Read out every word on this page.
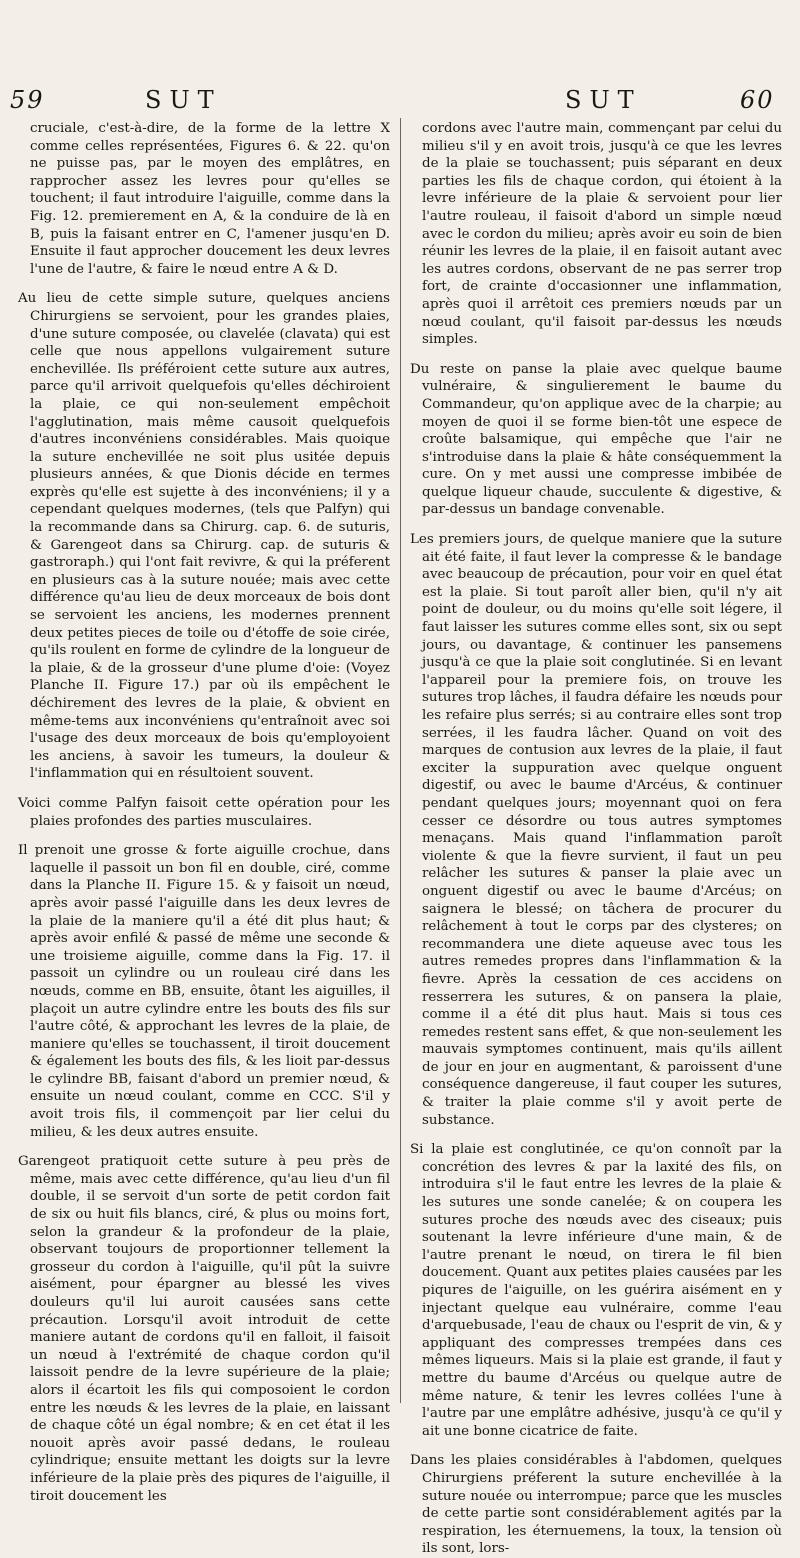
59	SUT	SUT	60

cruciale, c'est-à-dire, de la forme de la lettre X comme celles représentées, Figures 6. & 22. qu'on ne puisse pas, par le moyen des emplâtres, en rapprocher assez les levres pour qu'elles se touchent; il faut introduire l'aiguille, comme dans la Fig. 12. premierement en A, & la conduire de là en B, puis la faisant entrer en C, l'amener jusqu'en D. Ensuite il faut approcher doucement les deux levres l'une de l'autre, & faire le nœud entre A & D.

Au lieu de cette simple suture, quelques anciens Chirurgiens se servoient, pour les grandes plaies, d'une suture composée, ou clavelée (clavata) qui est celle que nous appellons vulgairement suture enchevillée. Ils préféroient cette suture aux autres, parce qu'il arrivoit quelquefois qu'elles déchiroient la plaie, ce qui non-seulement empêchoit l'agglutination, mais même causoit quelquefois d'autres inconvéniens considérables. Mais quoique la suture enchevillée ne soit plus usitée depuis plusieurs années, & que Dionis décide en termes exprès qu'elle est sujette à des inconvéniens; il y a cependant quelques modernes, (tels que Palfyn) qui la recommande dans sa Chirurg. cap. 6. de suturis, & Garengeot dans sa Chirurg. cap. de suturis & gastroraph.) qui l'ont fait revivre, & qui la préferent en plusieurs cas à la suture nouée; mais avec cette différence qu'au lieu de deux morceaux de bois dont se servoient les anciens, les modernes prennent deux petites pieces de toile ou d'étoffe de soie cirée, qu'ils roulent en forme de cylindre de la longueur de la plaie, & de la grosseur d'une plume d'oie: (Voyez Planche II. Figure 17.) par où ils empêchent le déchirement des levres de la plaie, & obvient en même-tems aux inconvéniens qu'entraînoit avec soi l'usage des deux morceaux de bois qu'employoient les anciens, à savoir les tumeurs, la douleur & l'inflammation qui en résultoient souvent.

Voici comme Palfyn faisoit cette opération pour les plaies profondes des parties musculaires.

Il prenoit une grosse & forte aiguille crochue, dans laquelle il passoit un bon fil en double, ciré, comme dans la Planche II. Figure 15. & y faisoit un nœud, après avoir passé l'aiguille dans les deux levres de la plaie de la maniere qu'il a été dit plus haut; & après avoir enfilé & passé de même une seconde & une troisieme aiguille, comme dans la Fig. 17. il passoit un cylindre ou un rouleau ciré dans les nœuds, comme en BB, ensuite, ôtant les aiguilles, il plaçoit un autre cylindre entre les bouts des fils sur l'autre côté, & approchant les levres de la plaie, de maniere qu'elles se touchassent, il tiroit doucement & également les bouts des fils, & les lioit par-dessus le cylindre BB, faisant d'abord un premier nœud, & ensuite un nœud coulant, comme en CCC. S'il y avoit trois fils, il commençoit par lier celui du milieu, & les deux autres ensuite.

Garengeot pratiquoit cette suture à peu près de même, mais avec cette différence, qu'au lieu d'un fil double, il se servoit d'un sorte de petit cordon fait de six ou huit fils blancs, ciré, & plus ou moins fort, selon la grandeur & la profondeur de la plaie, observant toujours de proportionner tellement la grosseur du cordon à l'aiguille, qu'il pût la suivre aisément, pour épargner au blessé les vives douleurs qu'il lui auroit causées sans cette précaution. Lorsqu'il avoit introduit de cette maniere autant de cordons qu'il en falloit, il faisoit un nœud à l'extrémité de chaque cordon qu'il laissoit pendre de la levre supérieure de la plaie; alors il écartoit les fils qui composoient le cordon entre les nœuds & les levres de la plaie, en laissant de chaque côté un égal nombre; & en cet état il les nouoit après avoir passé dedans, le rouleau cylindrique; ensuite mettant les doigts sur la levre inférieure de la plaie près des piqures de l'aiguille, il tiroit doucement les

cordons avec l'autre main, commençant par celui du milieu s'il y en avoit trois, jusqu'à ce que les levres de la plaie se touchassent; puis séparant en deux parties les fils de chaque cordon, qui étoient à la levre inférieure de la plaie & servoient pour lier l'autre rouleau, il faisoit d'abord un simple nœud avec le cordon du milieu; après avoir eu soin de bien réunir les levres de la plaie, il en faisoit autant avec les autres cordons, observant de ne pas serrer trop fort, de crainte d'occasionner une inflammation, après quoi il arrêtoit ces premiers nœuds par un nœud coulant, qu'il faisoit par-dessus les nœuds simples.

Du reste on panse la plaie avec quelque baume vulnéraire, & singulierement le baume du Commandeur, qu'on applique avec de la charpie; au moyen de quoi il se forme bien-tôt une espece de croûte balsamique, qui empêche que l'air ne s'introduise dans la plaie & hâte conséquemment la cure. On y met aussi une compresse imbibée de quelque liqueur chaude, succulente & digestive, & par-dessus un bandage convenable.

Les premiers jours, de quelque maniere que la suture ait été faite, il faut lever la compresse & le bandage avec beaucoup de précaution, pour voir en quel état est la plaie. Si tout paroît aller bien, qu'il n'y ait point de douleur, ou du moins qu'elle soit légere, il faut laisser les sutures comme elles sont, six ou sept jours, ou davantage, & continuer les pansemens jusqu'à ce que la plaie soit conglutinée. Si en levant l'appareil pour la premiere fois, on trouve les sutures trop lâches, il faudra défaire les nœuds pour les refaire plus serrés; si au contraire elles sont trop serrées, il les faudra lâcher. Quand on voit des marques de contusion aux levres de la plaie, il faut exciter la suppuration avec quelque onguent digestif, ou avec le baume d'Arcéus, & continuer pendant quelques jours; moyennant quoi on fera cesser ce désordre ou tous autres symptomes menaçans. Mais quand l'inflammation paroît violente & que la fievre survient, il faut un peu relâcher les sutures & panser la plaie avec un onguent digestif ou avec le baume d'Arcéus; on saignera le blessé; on tâchera de procurer du relâchement à tout le corps par des clysteres; on recommandera une diete aqueuse avec tous les autres remedes propres dans l'inflammation & la fievre. Après la cessation de ces accidens on resserrera les sutures, & on pansera la plaie, comme il a été dit plus haut. Mais si tous ces remedes restent sans effet, & que non-seulement les mauvais symptomes continuent, mais qu'ils aillent de jour en jour en augmentant, & paroissent d'une conséquence dangereuse, il faut couper les sutures, & traiter la plaie comme s'il y avoit perte de substance.

Si la plaie est conglutinée, ce qu'on connoît par la concrétion des levres & par la laxité des fils, on introduira s'il le faut entre les levres de la plaie & les sutures une sonde canelée; & on coupera les sutures proche des nœuds avec des ciseaux; puis soutenant la levre inférieure d'une main, & de l'autre prenant le nœud, on tirera le fil bien doucement. Quant aux petites plaies causées par les piqures de l'aiguille, on les guérira aisément en y injectant quelque eau vulnéraire, comme l'eau d'arquebusade, l'eau de chaux ou l'esprit de vin, & y appliquant des compresses trempées dans ces mêmes liqueurs. Mais si la plaie est grande, il faut y mettre du baume d'Arcéus ou quelque autre de même nature, & tenir les levres collées l'une à l'autre par une emplâtre adhésive, jusqu'à ce qu'il y ait une bonne cicatrice de faite.

Dans les plaies considérables à l'abdomen, quelques Chirurgiens préferent la suture enchevillée à la suture nouée ou interrompue; parce que les muscles de cette partie sont considérablement agités par la respiration, les éternuemens, la toux, la tension où ils sont, lors-
